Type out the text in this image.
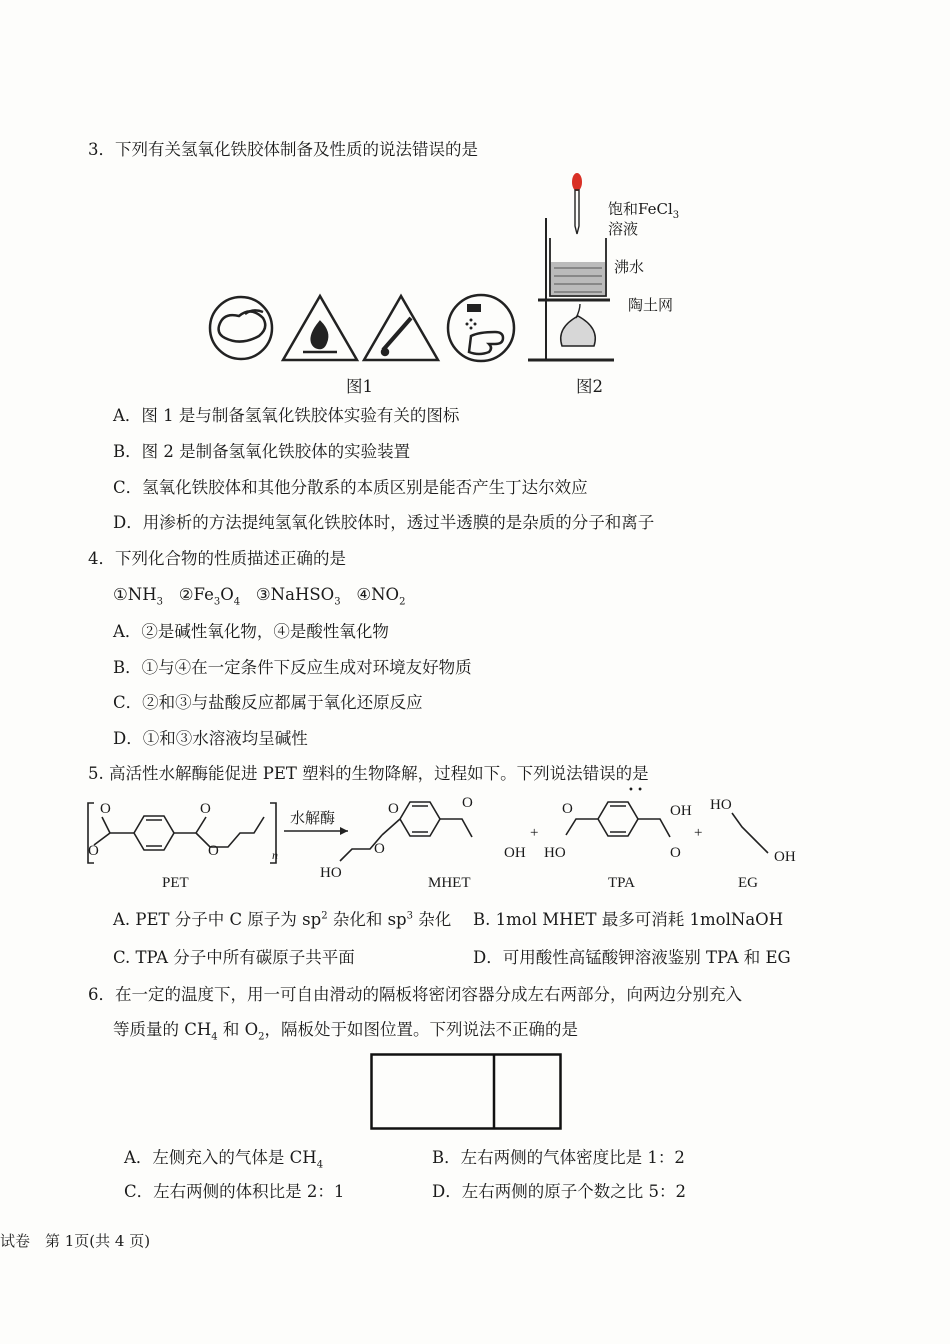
3．下列有关氢氧化铁胶体制备及性质的说法错误的是
饱和FeCl$_3$
溶液
沸水
陶土网
图1	图2
A．图 1 是与制备氢氧化铁胶体实验有关的图标
B．图 2 是制备氢氧化铁胶体的实验装置
C．氢氧化铁胶体和其他分散系的本质区别是能否产生丁达尔效应
D．用渗析的方法提纯氢氧化铁胶体时，透过半透膜的是杂质的分子和离子
4．下列化合物的性质描述正确的是
$①NH_3$ $②Fe_3O_4$ ③NaHSO$_3$ $④NO_2$
A．②是碱性氧化物，④是酸性氧化物
B．①与④在一定条件下反应生成对环境友好物质
C．②和③与盐酸反应都属于氧化还原反应
D．①和③水溶液均呈碱性
5. 高活性水解酶能促进 PET 塑料的生物降解，过程如下。下列说法错误的是
• •
O
O
O
O	n
PET
水解酶
O
O
O
OH
HO
MHET
+
O
HO
OH
O
TPA
+
HO
OH
EG
A. PET 分子中 C 原子为 $sp^2$ 杂化和 $sp^3$ 杂化 B. 1mol MHET 最多可消耗 1molNaOH
C. TPA 分子中所有碳原子共平面	D．可用酸性高锰酸钾溶液鉴别 TPA 和 EG
6．在一定的温度下，用一可自由滑动的隔板将密闭容器分成左右两部分，向两边分别充入
等质量的 $CH_4$ 和 $O_2$，隔板处于如图位置。下列说法不正确的是
A．左侧充入的气体是 $CH_4$	B．左右两侧的气体密度比是 1：2
C．左右两侧的体积比是 2：1	D．左右两侧的原子个数之比 5：2
试卷　第 1页(共 4 页)
